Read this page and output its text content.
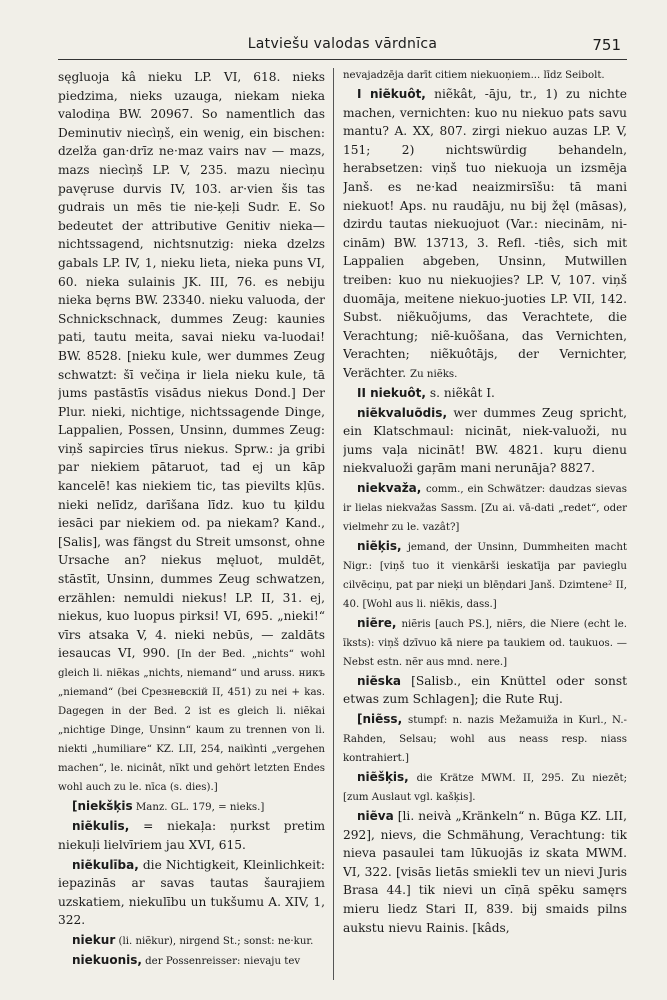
Latviešu valodas vārdnīca	751

sęgluoja kâ nieku LP. VI, 618. nieks piedzima, nieks uzauga, niekam nieka valodiņa BW. 20967. So namentlich das Deminutiv niecìņš, ein wenig, ein bischen: dzelža gan·drīz ne·maz vairs nav — mazs, mazs niecìņš LP. V, 235. mazu niecìņu pavęruse durvis IV, 103. ar·vien šis tas gudrais un mēs tie nie-ķeļi Sudr. E. So bedeutet der attributive Genitiv nieka—nichtssagend, nichtsnutzig: nieka dzelzs gabals LP. IV, 1, nieku lieta, nieka puns VI, 60. nieka sulainis JK. III, 76. es nebiju nieka bęrns BW. 23340. nieku valuoda, der Schnickschnack, dummes Zeug: kaunies pati, tautu meita, savai nieku va-luodai! BW. 8528. [nieku kule, wer dummes Zeug schwatzt: šī večiņa ir liela nieku kule, tā jums pastāstīs visādus niekus Dond.] Der Plur. nieki, nichtige, nichtssagende Dinge, Lappalien, Possen, Unsinn, dummes Zeug: viņš sapircies tīrus niekus. Sprw.: ja gribi par niekiem pātaruot, tad ej un kāp kancelē! kas niekiem tic, tas pievilts kļūs. nieki nelīdz, darīšana līdz. kuo tu ķildu iesāci par niekiem od. pa niekam? Kand., [Salis], was fängst du Streit umsonst, ohne Ursache an? niekus męluot, muldēt, stāstīt, Unsinn, dummes Zeug schwatzen, erzählen: nemuldi niekus! LP. II, 31. ej, niekus, kuo luopus pirksi! VI, 695. „nieki!“ vīrs atsaka V, 4. nieki nebūs, — zaldāts iesaucas VI, 990. [In der Bed. „nichts“ wohl gleich li. niẽkas „nichts, niemand“ und aruss. никъ „niemand“ (bei Срезневскiй II, 451) zu nei + kas. Dagegen in der Bed. 2 ist es gleich li. niẽkai „nichtige Dinge, Unsinn“ kaum zu trennen von li. niekti „humiliare“ KZ. LII, 254, naikìnti „vergehen machen“, le. nicinât, nīkt und gehört letzten Endes wohl auch zu le. nīca (s. dies).]

[niekšķis Manz. GL. 179, = nieks.]

niẽkulis, = niekaļa: ņurkst pretim niekuļi lielvīriem jau XVI, 615.

niẽkulība, die Nichtigkeit, Kleinlichkeit: iepazinās ar savas tautas šaurajiem uzskatiem, niekulību un tukšumu A. XIV, 1, 322.

niekur (li. niẽkur), nirgend St.; sonst: ne·kur.

niekuonis, der Possenreisser: nievaju tev

nevajadzēja darīt citiem niekuoņiem... līdz Seibolt.

I niẽkuôt, niẽkât, -āju, tr., 1) zu nichte machen, vernichten: kuo nu niekuo pats savu mantu? A. XX, 807. zirgi niekuo auzas LP. V, 151; 2) nichtswürdig behandeln, herabsetzen: viņš tuo niekuoja un izsmēja Janš. es ne·kad neaizmirsīšu: tā mani niekuot! Aps. nu raudāju, nu bij žęl (māsas), dzirdu tautas niekuojuot (Var.: niecinām, ni-cinām) BW. 13713, 3. Refl. -tiês, sich mit Lappalien abgeben, Unsinn, Mutwillen treiben: kuo nu niekuojies? LP. V, 107. viņš duomāja, meitene niekuo-juoties LP. VII, 142. Subst. niẽkuõjums, das Verachtete, die Verachtung; niẽ-kuõšana, das Vernichten, Verachten; niẽkuôtājs, der Vernichter, Verächter. Zu niẽks.

II niekuôt, s. niẽkât I.

niẽkvaluõdis, wer dummes Zeug spricht, ein Klatschmaul: nicināt, niek-valuoži, nu jums vaļa nicināt! BW. 4821. kuŗu dienu niekvaluoži gaŗām mani nerunāja? 8827.

niekvaža, comm., ein Schwätzer: daudzas sievas ir lielas niekvažas Sassm. [Zu ai. vā-dati „redet“, oder vielmehr zu le. vazât?]

niẽķis, jemand, der Unsinn, Dummheiten macht Nigr.: [viņš tuo it vienkārši ieskatīja par pavieglu cilvēciņu, pat par nieķi un blēņdari Janš. Dzimtene² II, 40. [Wohl aus li. niẽkis, dass.]

niẽre, niẽris [auch PS.], niẽrs, die Niere (echt le. īksts): viņš dzīvuo kā niere pa taukiem od. taukuos. — Nebst estn. nẽr aus mnd. nere.]

niẽska [Salisb., ein Knüttel oder sonst etwas zum Schlagen]; die Rute Ruj.

[niẽss, stumpf: n. nazis Mežamuiža in Kurl., N.-Rahden, Selsau; wohl aus neass resp. niass kontrahiert.]

niẽšķis, die Krätze MWM. II, 295. Zu niezēt; [zum Auslaut vgl. kašķis].

niẽva [li. neivà „Kränkeln“ n. Būga KZ. LII, 292], nievs, die Schmähung, Verachtung: tik nieva pasaulei tam lūkuojās iz skata MWM. VI, 322. [visās lietās smiekli tev un nievi Juris Brasa 44.] tik nievi un cīņā spēku samęrs mieru liedz Stari II, 839. bij smaids pilns aukstu nievu Rainis. [kâds,
